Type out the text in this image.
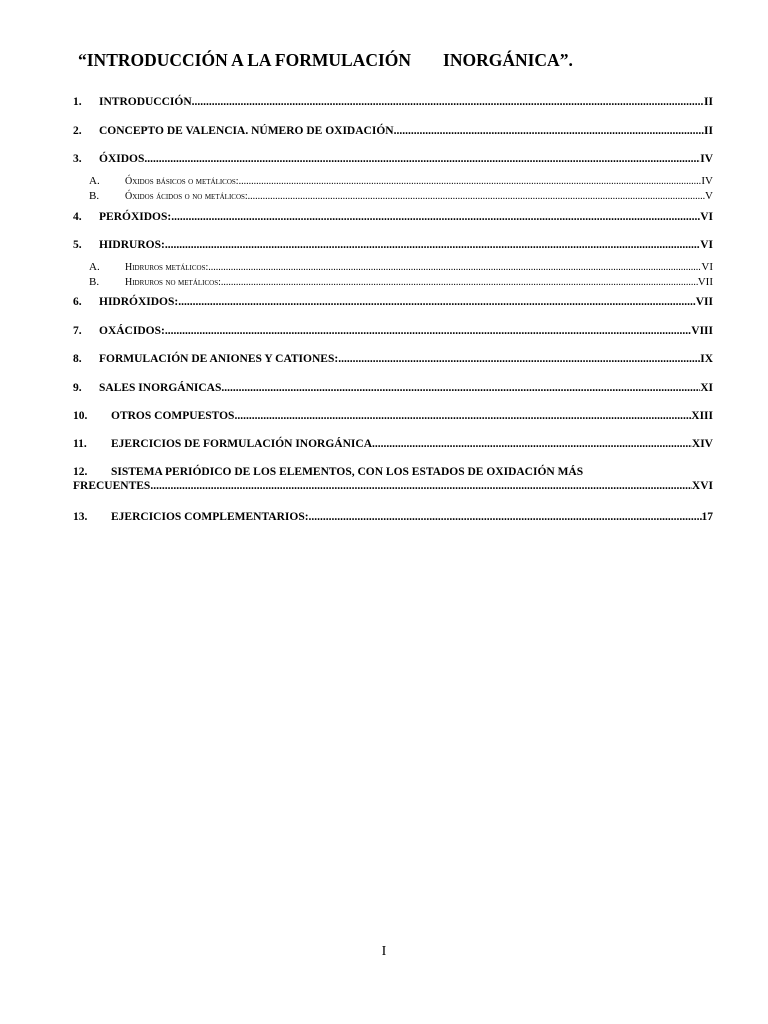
“INTRODUCCIÓN A LA FORMULACIÓN INORGÁNICA”.
1.	INTRODUCCIÓN. .....	II
2.	CONCEPTO DE VALENCIA. NÚMERO DE OXIDACIÓN .....	II
3.	ÓXIDOS. .....	IV
A.	Óxidos básicos o metálicos: .....	IV
B.	Óxidos ácidos o no metálicos: .....	V
4.	PERÓXIDOS: .....	VI
5.	HIDRUROS: .....	VI
A.	Hidruros metálicos: .....	VI
B.	Hidruros no metálicos: .....	VII
6.	HIDRÓXIDOS: .....	VII
7.	OXÁCIDOS: .....	VIII
8.	FORMULACIÓN DE ANIONES Y CATIONES: .....	IX
9.	SALES INORGÁNICAS. .....	XI
10.	OTROS COMPUESTOS. .....	XIII
11.	EJERCICIOS DE FORMULACIÓN INORGÁNICA. .....	XIV
12. SISTEMA PERIÓDICO DE LOS ELEMENTOS, CON LOS ESTADOS DE OXIDACIÓN MÁS
FRECUENTES. .....	XVI
13.	EJERCICIOS COMPLEMENTARIOS: .....	17
I
